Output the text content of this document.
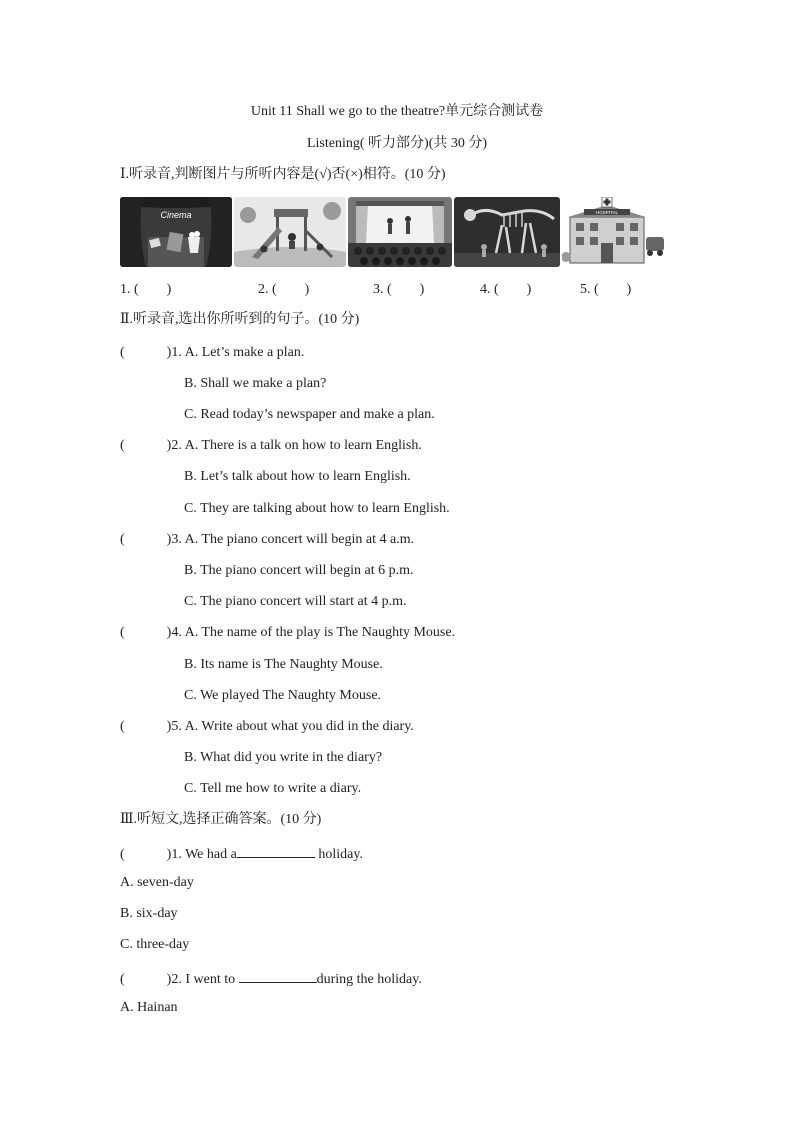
Unit 11 Shall we go to the theatre?单元综合测试卷
Listening( 听力部分)(共 30 分)
Ⅰ.听录音,判断图片与所听内容是(√)否(×)相符。(10 分)
Cinema	HOSPITAL
1. (　　)	2. (　　)	3. (　　)	4. (　　)	5. (　　)
Ⅱ.听录音,选出你所听到的句子。(10 分)
(	)1. A. Let’s make a plan.
B. Shall we make a plan?
C. Read today’s newspaper and make a plan.
(	)2. A. There is a talk on how to learn English.
B. Let’s talk about how to learn English.
C. They are talking about how to learn English.
(	)3. A. The piano concert will begin at 4 a.m.
B. The piano concert will begin at 6 p.m.
C. The piano concert will start at 4 p.m.
(	)4. A. The name of the play is The Naughty Mouse.
B. Its name is The Naughty Mouse.
C. We played The Naughty Mouse.
(	)5. A. Write about what you did in the diary.
B. What did you write in the diary?
C. Tell me how to write a diary.
Ⅲ.听短文,选择正确答案。(10 分)
(	)1. We had a	holiday.
A. seven-day
B. six-day
C. three-day
(	)2. I went to	during the holiday.
A. Hainan
